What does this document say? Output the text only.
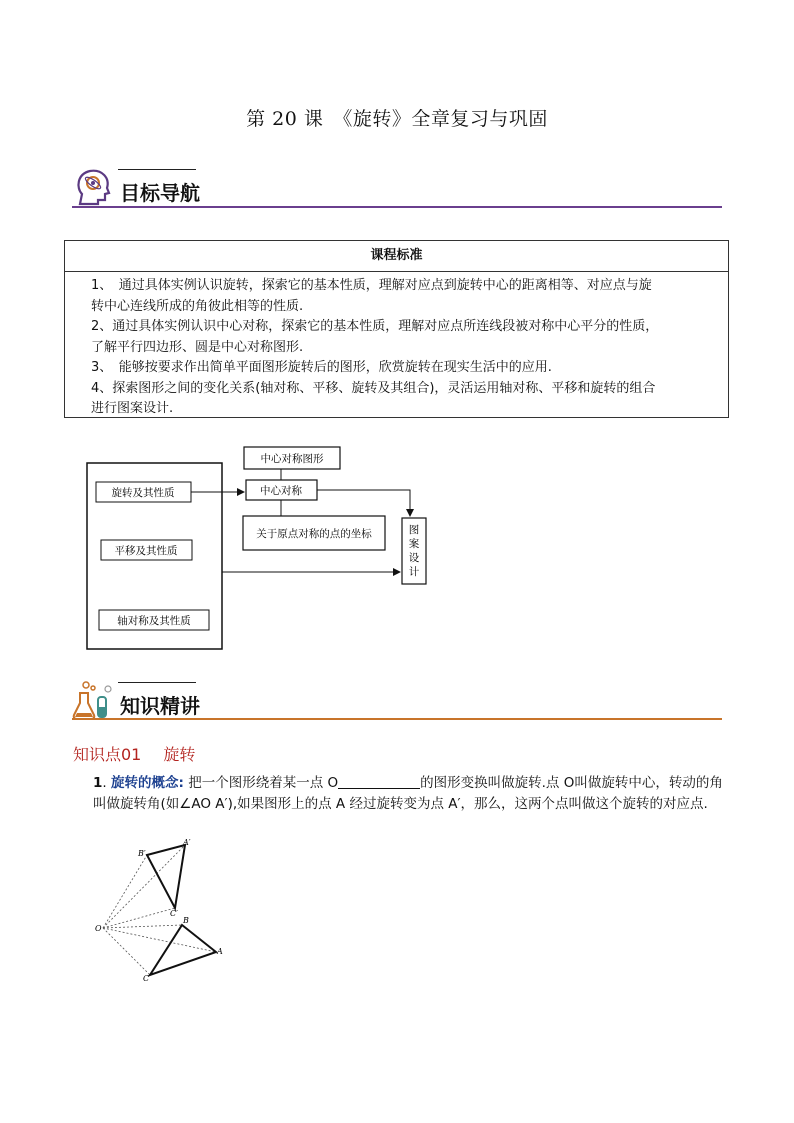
第 20 课　《旋转》全章复习与巩固
目标导航
课程标准

1、　通过具体实例认识旋转，探索它的基本性质，理解对应点到旋转中心的距离相等、对应点与旋

转中心连线所成的角彼此相等的性质.

2、通过具体实例认识中心对称，探索它的基本性质，理解对应点所连线段被对称中心平分的性质，

了解平行四边形、圆是中心对称图形.

3、　能够按要求作出简单平面图形旋转后的图形，欣赏旋转在现实生活中的应用.

4、探索图形之间的变化关系(轴对称、平移、旋转及其组合)，灵活运用轴对称、平移和旋转的组合

进行图案设计.

旋转及其性质
平移及其性质
轴对称及其性质
中心对称图形
中心对称
关于原点对称的点的坐标	图
案
设
计
知识精讲
知识点01 旋转
1. 旋转的概念: 把一个图形绕着某一点 O	的图形变换叫做旋转.点 O叫做旋转中心，转动的角叫做旋转角(如∠AO A′),如果图形上的点 A 经过旋转变为点 A′，那么，这两个点叫做这个旋转的对应点.
O
A
B
C
A′
B′
C′
